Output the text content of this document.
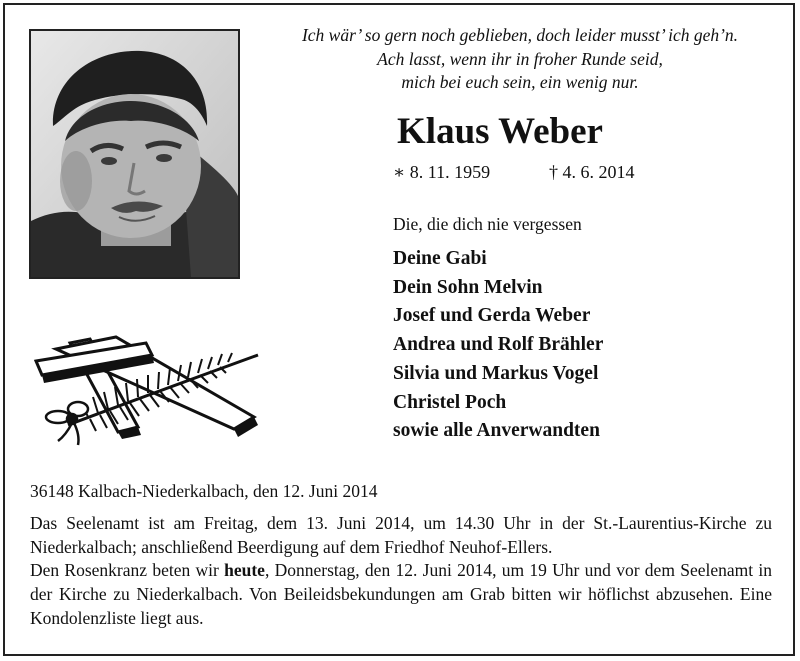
Ich wär’ so gern noch geblieben, doch leider musst’ ich geh’n.
Ach lasst, wenn ihr in froher Runde seid,
mich bei euch sein, ein wenig nur.
Klaus Weber
∗ 8. 11. 1959	† 4. 6. 2014
Die, die dich nie vergessen
Deine Gabi
Dein Sohn Melvin
Josef und Gerda Weber
Andrea und Rolf Brähler
Silvia und Markus Vogel
Christel Poch
sowie alle Anverwandten
36148 Kalbach-Niederkalbach, den 12. Juni 2014

Das Seelenamt ist am Freitag, dem 13. Juni 2014, um 14.30 Uhr in der St.-Laurentius-Kirche zu Niederkalbach; anschließend Beerdigung auf dem Friedhof Neuhof-Ellers.

Den Rosenkranz beten wir heute, Donnerstag, den 12. Juni 2014, um 19 Uhr und vor dem Seelenamt in der Kirche zu Niederkalbach. Von Beileidsbekundungen am Grab bitten wir höflichst abzusehen. Eine Kondolenzliste liegt aus.
